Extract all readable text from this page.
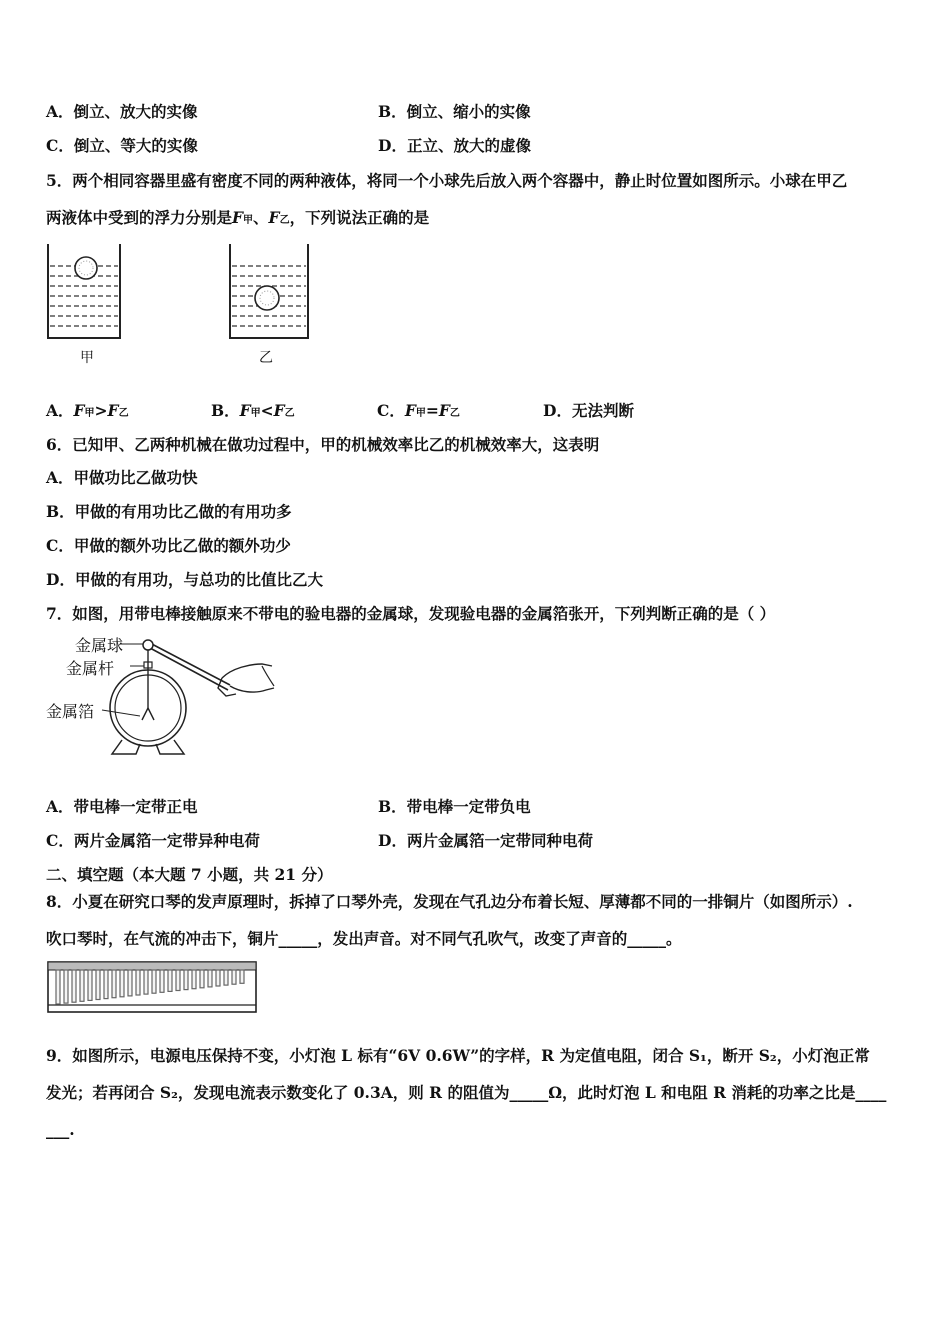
A．倒立、放大的实像	B．倒立、缩小的实像
C．倒立、等大的实像	D．正立、放大的虚像
5．两个相同容器里盛有密度不同的两种液体，将同一个小球先后放入两个容器中，静止时位置如图所示。小球在甲乙
两液体中受到的浮力分别是F甲、F乙，下列说法正确的是
甲	乙
A．F甲>F乙	B．F甲<F乙	C．F甲=F乙	D．无法判断
6．已知甲、乙两种机械在做功过程中，甲的机械效率比乙的机械效率大，这表明
A．甲做功比乙做功快
B．甲做的有用功比乙做的有用功多
C．甲做的额外功比乙做的额外功少
D．甲做的有用功，与总功的比值比乙大
7．如图，用带电棒接触原来不带电的验电器的金属球，发现验电器的金属箔张开，下列判断正确的是（ ）
金属球
金属杆
金属箔
A．带电棒一定带正电	B．带电棒一定带负电
C．两片金属箔一定带异种电荷	D．两片金属箔一定带同种电荷
二、填空题（本大题 7 小题，共 21 分）
8．小夏在研究口琴的发声原理时，拆掉了口琴外壳，发现在气孔边分布着长短、厚薄都不同的一排铜片（如图所示）.
吹口琴时，在气流的冲击下，铜片_____，发出声音。对不同气孔吹气，改变了声音的_____。
9．如图所示，电源电压保持不变，小灯泡 L 标有“6V 0.6W”的字样，R 为定值电阻，闭合 S₁，断开 S₂，小灯泡正常
发光；若再闭合 S₂，发现电流表示数变化了 0.3A，则 R 的阻值为_____Ω，此时灯泡 L 和电阻 R 消耗的功率之比是____
___.
